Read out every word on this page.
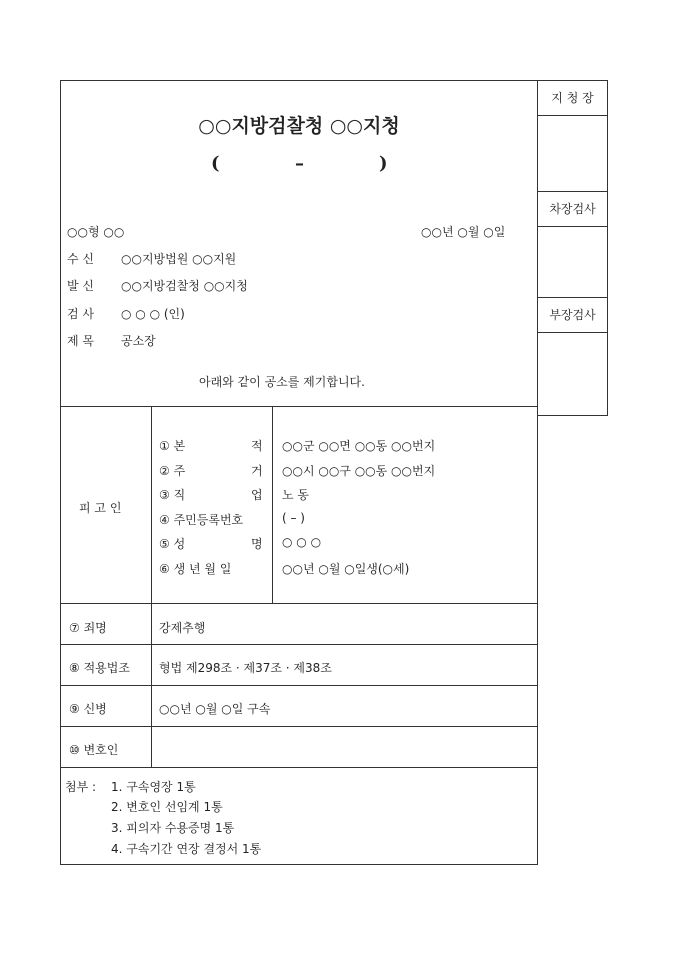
○○지방검찰청 ○○지청
(	–	)
○○형 ○○	○○년 ○월 ○일
수 신 ○○지방법원 ○○지원
발 신 ○○지방검찰청 ○○지청
검 사 ○ ○ ○ (인)
제 목 공소장
아래와 같이 공소를 제기합니다.
피 고 인
① 본	적 ○○군 ○○면 ○○동 ○○번지
② 주	거 ○○시 ○○구 ○○동 ○○번지
③ 직	업 노 동
④ 주민등록번호	( – )
⑤ 성	명 ○ ○ ○
⑥ 생 년 월 일	○○년 ○월 ○일생(○세)
⑦ 죄명	강제추행
⑧ 적용법조 형법 제298조 · 제37조 · 제38조
⑨ 신병	○○년 ○월 ○일 구속
⑩ 변호인
첨부 : 1. 구속영장 1통
2. 변호인 선임계 1통
3. 피의자 수용증명 1통
4. 구속기간 연장 결정서 1통
지 청 장
차장검사
부장검사
